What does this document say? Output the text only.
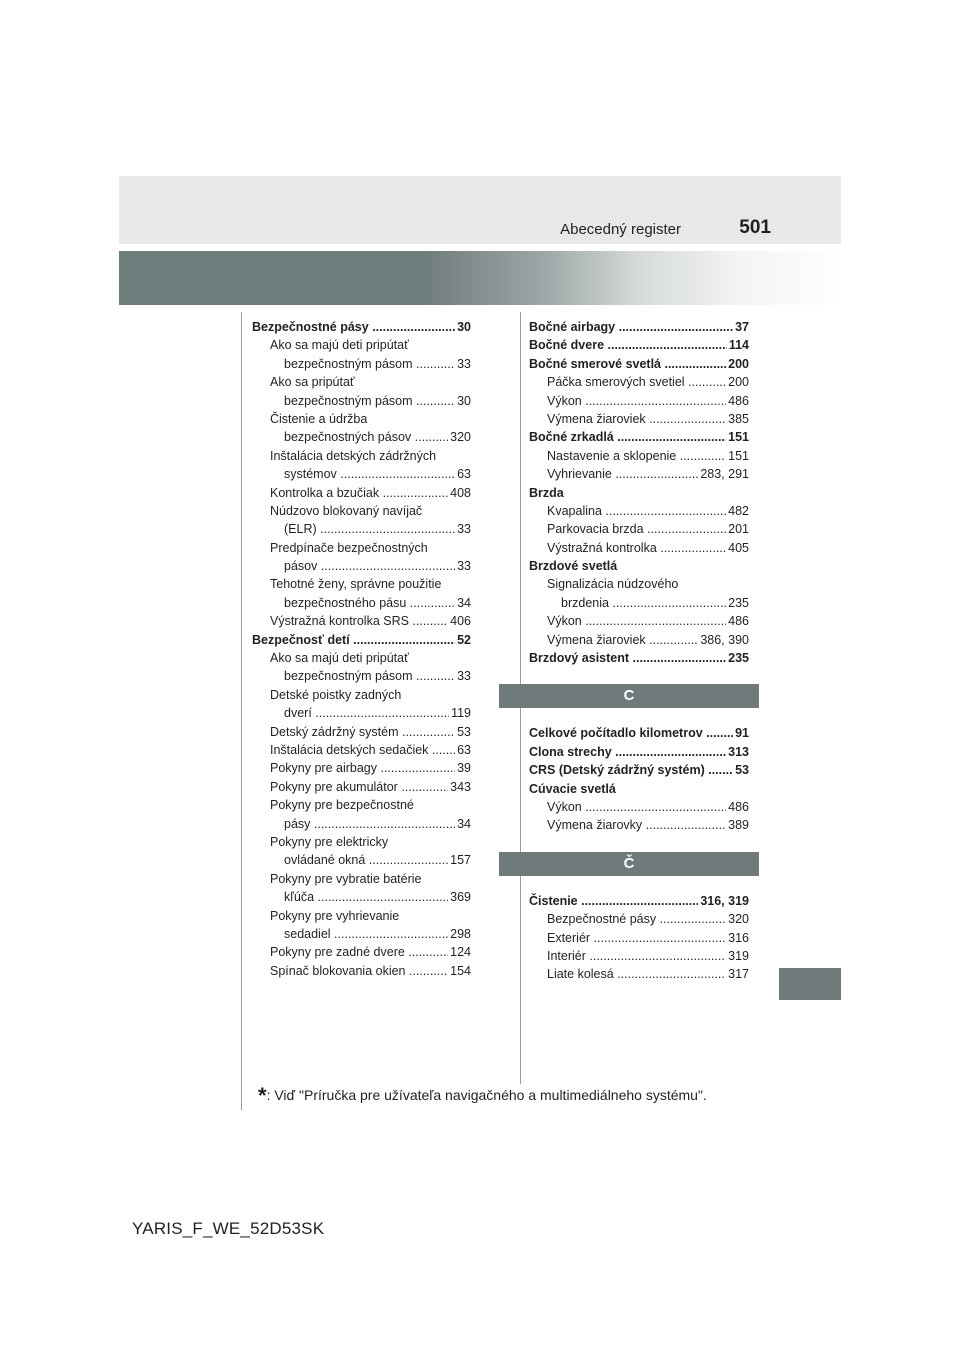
Abecedný register	501
Bezpečnostné pásy .....	30
Ako sa majú deti pripútať
bezpečnostným pásom .....	33
Ako sa pripútať
bezpečnostným pásom .....	30
Čistenie a údržba
bezpečnostných pásov .....	320
Inštalácia detských zádržných
systémov .....	63
Kontrolka a bzučiak .....	408
Núdzovo blokovaný navíjač
(ELR) .....	33
Predpínače bezpečnostných
pásov .....	33
Tehotné ženy, správne použitie
bezpečnostného pásu .....	34
Výstražná kontrolka SRS .....	406
Bezpečnosť detí .....	52
Ako sa majú deti pripútať
bezpečnostným pásom .....	33
Detské poistky zadných
dverí .....	119
Detský zádržný systém .....	53
Inštalácia detských sedačiek .....	63
Pokyny pre airbagy .....	39
Pokyny pre akumulátor .....	343
Pokyny pre bezpečnostné
pásy .....	34
Pokyny pre elektricky
ovládané okná .....	157
Pokyny pre vybratie batérie
kľúča .....	369
Pokyny pre vyhrievanie
sedadiel .....	298
Pokyny pre zadné dvere .....	124
Spínač blokovania okien .....	154
Bočné airbagy .....	37
Bočné dvere .....	114
Bočné smerové svetlá .....	200
Páčka smerových svetiel .....	200
Výkon .....	486
Výmena žiaroviek .....	385
Bočné zrkadlá .....	151
Nastavenie a sklopenie .....	151
Vyhrievanie .....	283, 291
Brzda
Kvapalina .....	482
Parkovacia brzda .....	201
Výstražná kontrolka .....	405
Brzdové svetlá
Signalizácia núdzového
brzdenia .....	235
Výkon .....	486
Výmena žiaroviek .....	386, 390
Brzdový asistent .....	235
C
Celkové počítadlo kilometrov .....	91
Clona strechy .....	313
CRS (Detský zádržný systém) .....	53
Cúvacie svetlá
Výkon .....	486
Výmena žiarovky .....	389
Č
Čistenie .....	316, 319
Bezpečnostné pásy .....	320
Exteriér .....	316
Interiér .....	319
Liate kolesá .....	317
*: Viď "Príručka pre užívateľa navigačného a multimediálneho systému".
YARIS_F_WE_52D53SK
